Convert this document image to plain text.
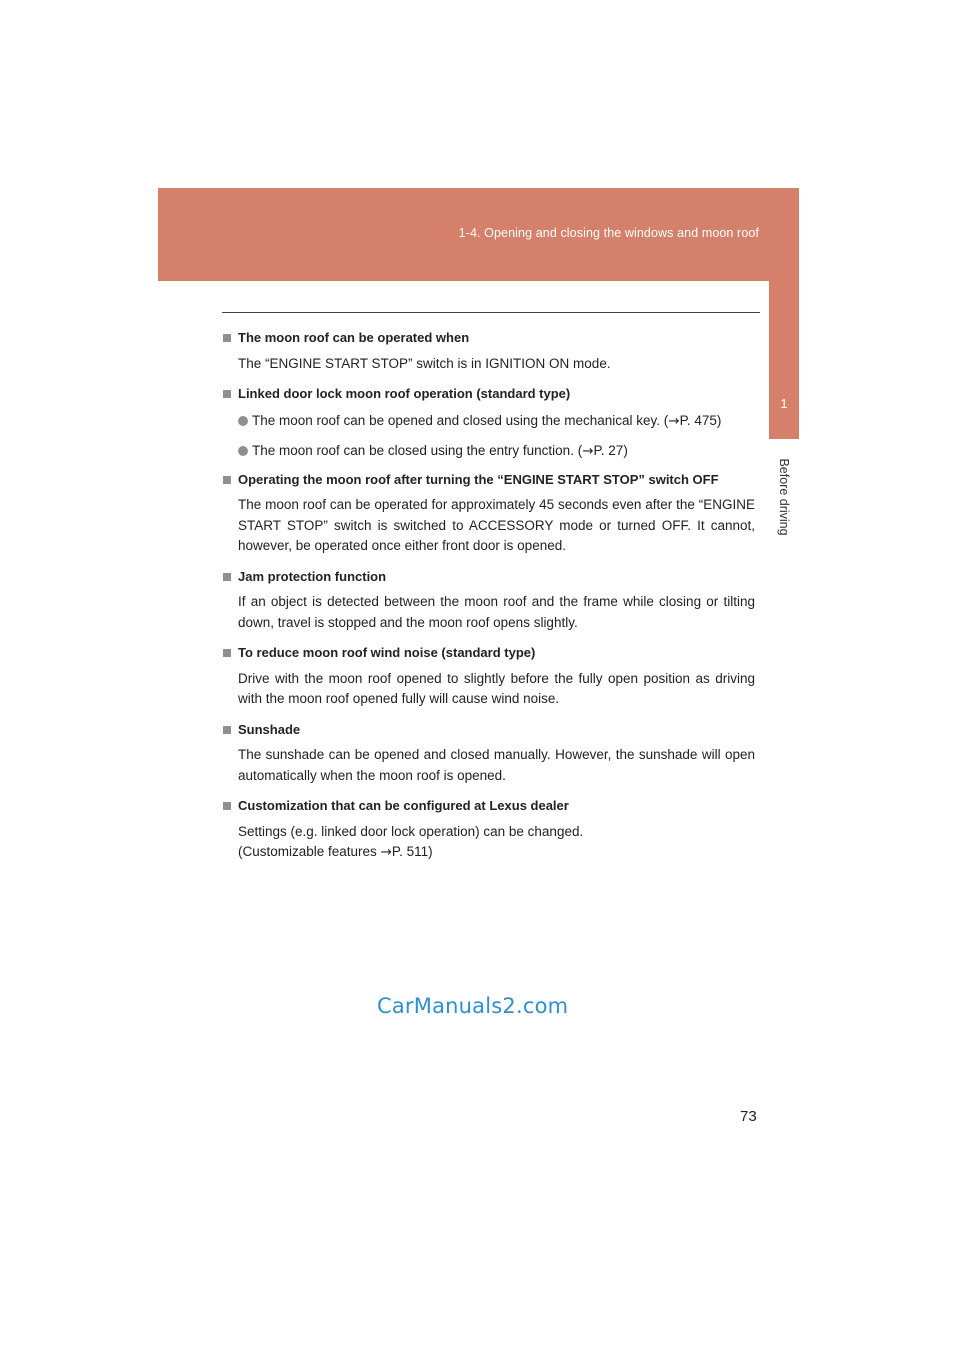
1-4. Opening and closing the windows and moon roof
1
Before driving

The moon roof can be operated when

The “ENGINE START STOP” switch is in IGNITION ON mode.

Linked door lock moon roof operation (standard type)

The moon roof can be opened and closed using the mechanical key. (→P. 475)

The moon roof can be closed using the entry function. (→P. 27)

Operating the moon roof after turning the “ENGINE START STOP” switch OFF

The moon roof can be operated for approximately 45 seconds even after the “ENGINE START STOP” switch is switched to ACCESSORY mode or turned OFF. It cannot, however, be operated once either front door is opened.

Jam protection function

If an object is detected between the moon roof and the frame while closing or tilting down, travel is stopped and the moon roof opens slightly.

To reduce moon roof wind noise (standard type)

Drive with the moon roof opened to slightly before the fully open position as driving with the moon roof opened fully will cause wind noise.

Sunshade

The sunshade can be opened and closed manually. However, the sunshade will open automatically when the moon roof is opened.

Customization that can be configured at Lexus dealer

Settings (e.g. linked door lock operation) can be changed.
(Customizable features →P. 511)

CarManuals2.com
73
